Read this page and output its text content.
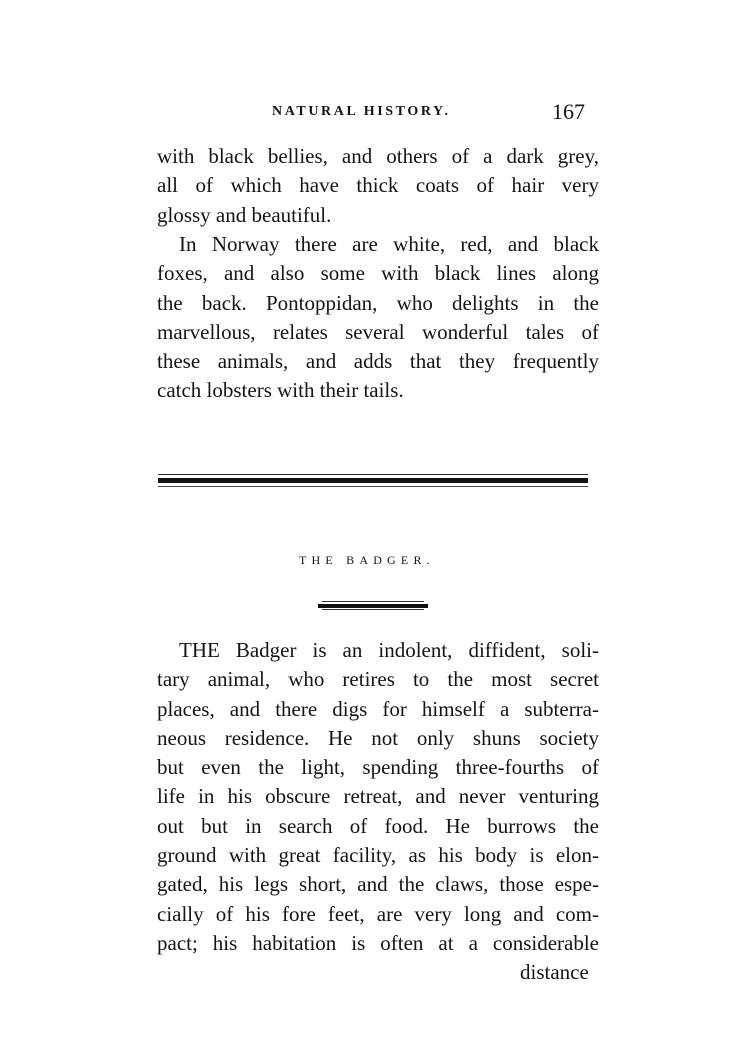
NATURAL HISTORY.	167
with black bellies, and others of a dark grey,
all of which have thick coats of hair very
glossy and beautiful.
In Norway there are white, red, and black
foxes, and also some with black lines along
the back. Pontoppidan, who delights in the
marvellous, relates several wonderful tales of
these animals, and adds that they frequently
catch lobsters with their tails.
THE BADGER.
THE Badger is an indolent, diffident, soli-
tary animal, who retires to the most secret
places, and there digs for himself a subterra-
neous residence. He not only shuns society
but even the light, spending three-fourths of
life in his obscure retreat, and never venturing
out but in search of food. He burrows the
ground with great facility, as his body is elon-
gated, his legs short, and the claws, those espe-
cially of his fore feet, are very long and com-
pact; his habitation is often at a considerable
distance
